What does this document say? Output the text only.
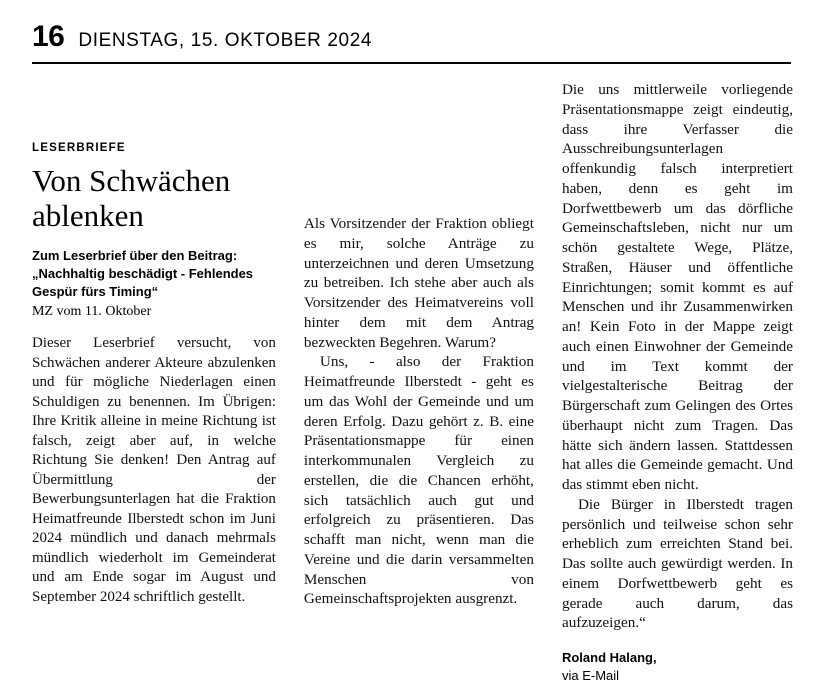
16 DIENSTAG, 15. OKTOBER 2024
LESERBRIEFE
Von Schwächen ablenken
Zum Leserbrief über den Beitrag: „Nachhaltig beschädigt - Fehlendes Gespür fürs Timing“
MZ vom 11. Oktober

Dieser Leserbrief versucht, von Schwächen anderer Akteure abzulenken und für mögliche Niederlagen einen Schuldigen zu benennen. Im Übrigen: Ihre Kritik alleine in meine Richtung ist falsch, zeigt aber auf, in welche Richtung Sie denken! Den Antrag auf Übermittlung der Bewerbungsunterlagen hat die Fraktion Heimatfreunde Ilberstedt schon im Juni 2024 mündlich und danach mehrmals mündlich wiederholt im Gemeinderat und am Ende sogar im August und September 2024 schriftlich gestellt.

Als Vorsitzender der Fraktion obliegt es mir, solche Anträge zu unterzeichnen und deren Umsetzung zu betreiben. Ich stehe aber auch als Vorsitzender des Heimatvereins voll hinter dem mit dem Antrag bezweckten Begehren. Warum?

Uns, - also der Fraktion Heimatfreunde Ilberstedt - geht es um das Wohl der Gemeinde und um deren Erfolg. Dazu gehört z. B. eine Präsentationsmappe für einen interkommunalen Vergleich zu erstellen, die die Chancen erhöht, sich tatsächlich auch gut und erfolgreich zu präsentieren. Das schafft man nicht, wenn man die Vereine und die darin versammelten Menschen von Gemeinschaftsprojekten ausgrenzt.

Die uns mittlerweile vorliegende Präsentationsmappe zeigt eindeutig, dass ihre Verfasser die Ausschreibungsunterlagen offenkundig falsch interpretiert haben, denn es geht im Dorfwettbewerb um das dörfliche Gemeinschaftsleben, nicht nur um schön gestaltete Wege, Plätze, Straßen, Häuser und öffentliche Einrichtungen; somit kommt es auf Menschen und ihr Zusammenwirken an! Kein Foto in der Mappe zeigt auch einen Einwohner der Gemeinde und im Text kommt der vielgestalterische Beitrag der Bürgerschaft zum Gelingen des Ortes überhaupt nicht zum Tragen. Das hätte sich ändern lassen. Stattdessen hat alles die Gemeinde gemacht. Und das stimmt eben nicht.

Die Bürger in Ilberstedt tragen persönlich und teilweise schon sehr erheblich zum erreichten Stand bei. Das sollte auch gewürdigt werden. In einem Dorfwettbewerb geht es gerade auch darum, das aufzuzeigen.“

Roland Halang,
via E-Mail
